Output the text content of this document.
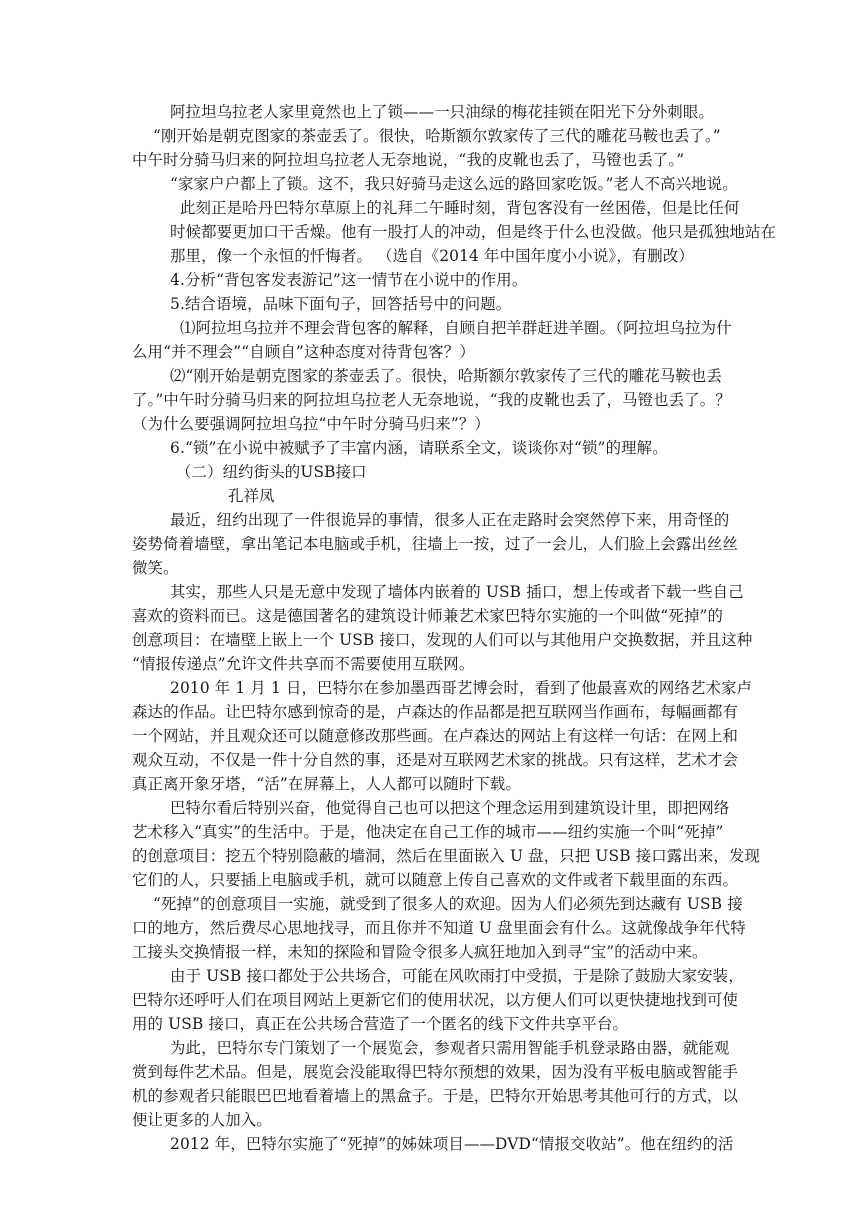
阿拉坦乌拉老人家里竟然也上了锁——一只油绿的梅花挂锁在阳光下分外刺眼。
“刚开始是朝克图家的茶壶丢了。很快，哈斯额尔敦家传了三代的雕花马鞍也丢了。”
中午时分骑马归来的阿拉坦乌拉老人无奈地说，“我的皮靴也丢了，马镫也丢了。”
“家家户户都上了锁。这不，我只好骑马走这么远的路回家吃饭。”老人不高兴地说。
此刻正是哈丹巴特尔草原上的礼拜二午睡时刻，背包客没有一丝困倦，但是比任何
时候都要更加口干舌燥。他有一股打人的冲动，但是终于什么也没做。他只是孤独地站在
那里，像一个永恒的忏悔者。 （选自《2014 年中国年度小小说》，有删改）
4.分析“背包客发表游记”这一情节在小说中的作用。
5.结合语境，品味下面句子，回答括号中的问题。
⑴阿拉坦乌拉并不理会背包客的解释，自顾自把羊群赶进羊圈。（阿拉坦乌拉为什
么用“并不理会”“自顾自”这种态度对待背包客？）
⑵“刚开始是朝克图家的茶壶丢了。很快，哈斯额尔敦家传了三代的雕花马鞍也丢
了。”中午时分骑马归来的阿拉坦乌拉老人无奈地说，“我的皮靴也丢了，马镫也丢了。？
（为什么要强调阿拉坦乌拉“中午时分骑马归来”？）
6.“锁”在小说中被赋予了丰富内涵，请联系全文，谈谈你对“锁”的理解。
（二）纽约街头的USB接口
孔祥凤
最近，纽约出现了一件很诡异的事情，很多人正在走路时会突然停下来，用奇怪的
姿势倚着墙壁，拿出笔记本电脑或手机，往墙上一按，过了一会儿，人们脸上会露出丝丝
微笑。
其实，那些人只是无意中发现了墙体内嵌着的 USB 插口，想上传或者下载一些自己
喜欢的资料而已。这是德国著名的建筑设计师兼艺术家巴特尔实施的一个叫做“死掉”的
创意项目：在墙壁上嵌上一个 USB 接口，发现的人们可以与其他用户交换数据，并且这种
“情报传递点”允许文件共享而不需要使用互联网。
2010 年 1 月 1 日，巴特尔在参加墨西哥艺博会时，看到了他最喜欢的网络艺术家卢
森达的作品。让巴特尔感到惊奇的是，卢森达的作品都是把互联网当作画布，每幅画都有
一个网站，并且观众还可以随意修改那些画。在卢森达的网站上有这样一句话：在网上和
观众互动，不仅是一件十分自然的事，还是对互联网艺术家的挑战。只有这样，艺术才会
真正离开象牙塔，“活”在屏幕上，人人都可以随时下载。
巴特尔看后特别兴奋，他觉得自己也可以把这个理念运用到建筑设计里，即把网络
艺术移入“真实”的生活中。于是，他决定在自己工作的城市——纽约实施一个叫“死掉”
的创意项目：挖五个特别隐蔽的墙洞，然后在里面嵌入 U 盘，只把 USB 接口露出来，发现
它们的人，只要插上电脑或手机，就可以随意上传自己喜欢的文件或者下载里面的东西。
“死掉”的创意项目一实施，就受到了很多人的欢迎。因为人们必须先到达藏有 USB 接
口的地方，然后费尽心思地找寻，而且你并不知道 U 盘里面会有什么。这就像战争年代特
工接头交换情报一样，未知的探险和冒险令很多人疯狂地加入到寻“宝”的活动中来。
由于 USB 接口都处于公共场合，可能在风吹雨打中受损，于是除了鼓励大家安装，
巴特尔还呼吁人们在项目网站上更新它们的使用状况，以方便人们可以更快捷地找到可使
用的 USB 接口，真正在公共场合营造了一个匿名的线下文件共享平台。
为此，巴特尔专门策划了一个展览会，参观者只需用智能手机登录路由器，就能观
赏到每件艺术品。但是，展览会没能取得巴特尔预想的效果，因为没有平板电脑或智能手
机的参观者只能眼巴巴地看着墙上的黑盒子。于是，巴特尔开始思考其他可行的方式，以
便让更多的人加入。
2012 年，巴特尔实施了“死掉”的姊妹项目——DVD“情报交收站”。他在纽约的活
